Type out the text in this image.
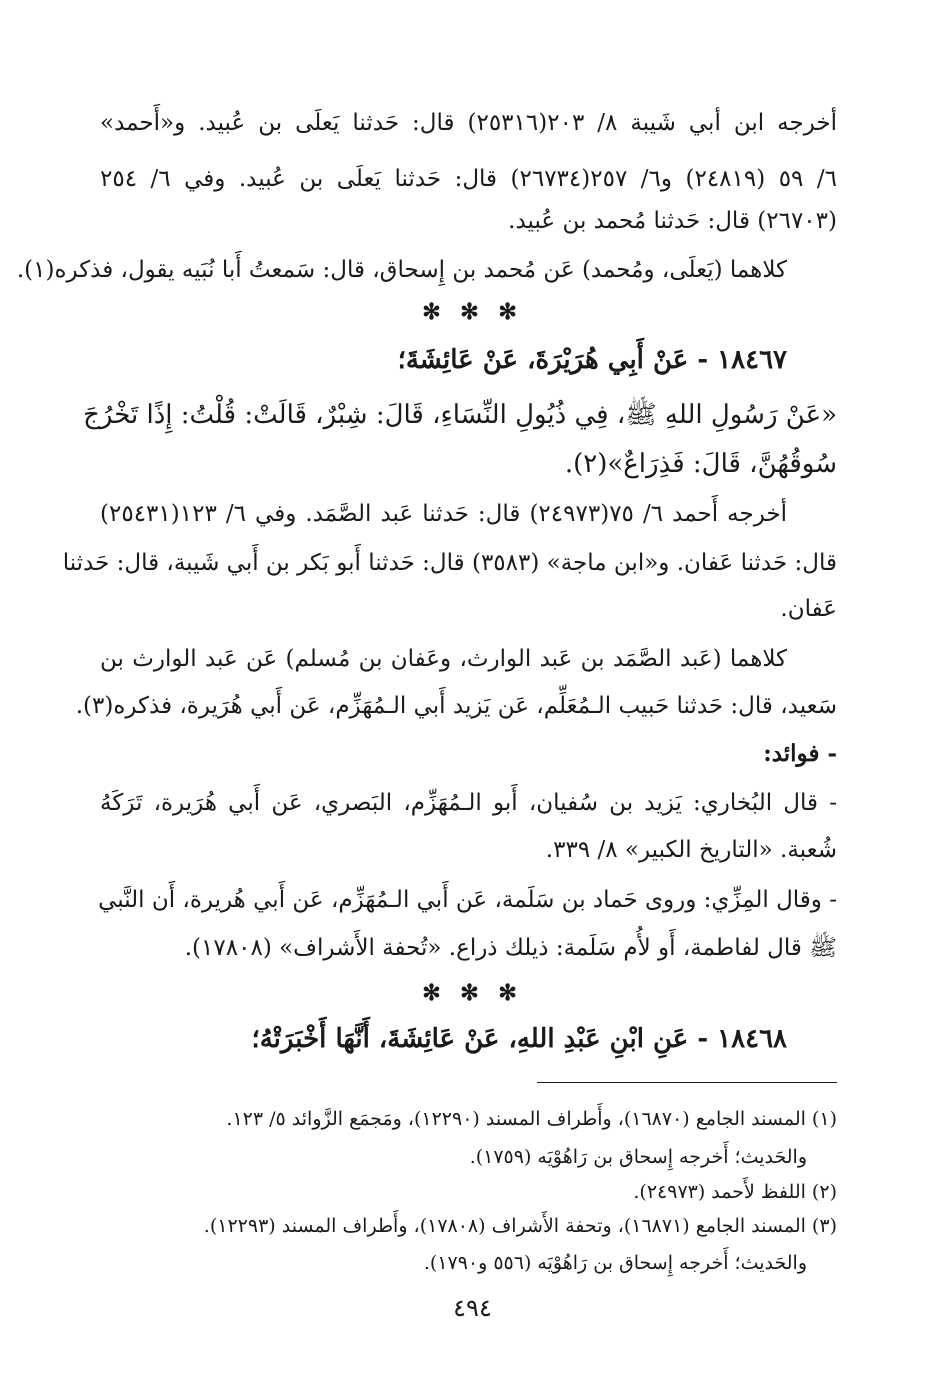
أخرجه ابن أبي شَيبة ٨/ ٢٠٣(٢٥٣١٦) قال: حَدثنا يَعلَى بن عُبيد. و«أَحمد»
٦/ ٥٩ (٢٤٨١٩) و٦/ ٢٥٧(٢٦٧٣٤) قال: حَدثنا يَعلَى بن عُبيد. وفي ٦/ ٢٥٤
(٢٦٧٠٣) قال: حَدثنا مُحمد بن عُبيد.
كلاهما (يَعلَى، ومُحمد) عَن مُحمد بن إِسحاق، قال: سَمعتُ أَبا نُبَيه يقول، فذكره(١).
✻ ✻ ✻
١٨٤٦٧ - عَنْ أَبِي هُرَيْرَةَ، عَنْ عَائِشَةَ؛
«عَنْ رَسُولِ اللهِ ﷺ، فِي ذُيُولِ النِّسَاءِ، قَالَ: شِبْرٌ، قَالَتْ: قُلْتُ: إِذًا تَخْرُجَ
سُوقُهُنَّ، قَالَ: فَذِرَاعٌ»(٢).
أخرجه أَحمد ٦/ ٧٥(٢٤٩٧٣) قال: حَدثنا عَبد الصَّمَد. وفي ٦/ ١٢٣(٢٥٤٣١)
قال: حَدثنا عَفان. و«ابن ماجة» (٣٥٨٣) قال: حَدثنا أَبو بَكر بن أَبي شَيبة، قال: حَدثنا
عَفان.
كلاهما (عَبد الصَّمَد بن عَبد الوارث، وعَفان بن مُسلم) عَن عَبد الوارث بن
سَعيد، قال: حَدثنا حَبيب الـمُعَلِّم، عَن يَزيد أَبي الـمُهَزِّم، عَن أَبي هُرَيرة، فذكره(٣).
- فوائد:
- قال البُخاري: يَزيد بن سُفيان، أَبو الـمُهَزِّم، البَصري، عَن أَبي هُرَيرة، تَرَكَهُ
شُعبة. «التاريخ الكبير» ٨/ ٣٣٩.
- وقال المِزِّي: وروى حَماد بن سَلَمة، عَن أَبي الـمُهَزِّم، عَن أَبي هُريرة، أَن النَّبي
ﷺ قال لفاطمة، أَو لأُم سَلَمة: ذيلك ذراع. «تُحفة الأَشراف» (١٧٨٠٨).
✻ ✻ ✻
١٨٤٦٨ - عَنِ ابْنِ عَبْدِ اللهِ، عَنْ عَائِشَةَ، أَنَّهَا أَخْبَرَتْهُ؛
(١) المسند الجامع (١٦٨٧٠)، وأَطراف المسند (١٢٢٩٠)، ومَجمَع الزَّوائد ٥/ ١٢٣.
والحَديث؛ أَخرجه إِسحاق بن رَاهُوْيَه (١٧٥٩).
(٢) اللفظ لأَحمد (٢٤٩٧٣).
(٣) المسند الجامع (١٦٨٧١)، وتحفة الأَشراف (١٧٨٠٨)، وأَطراف المسند (١٢٢٩٣).
والحَديث؛ أَخرجه إِسحاق بن رَاهُوْيَه (٥٥٦ و١٧٩٠).
٤٩٤
